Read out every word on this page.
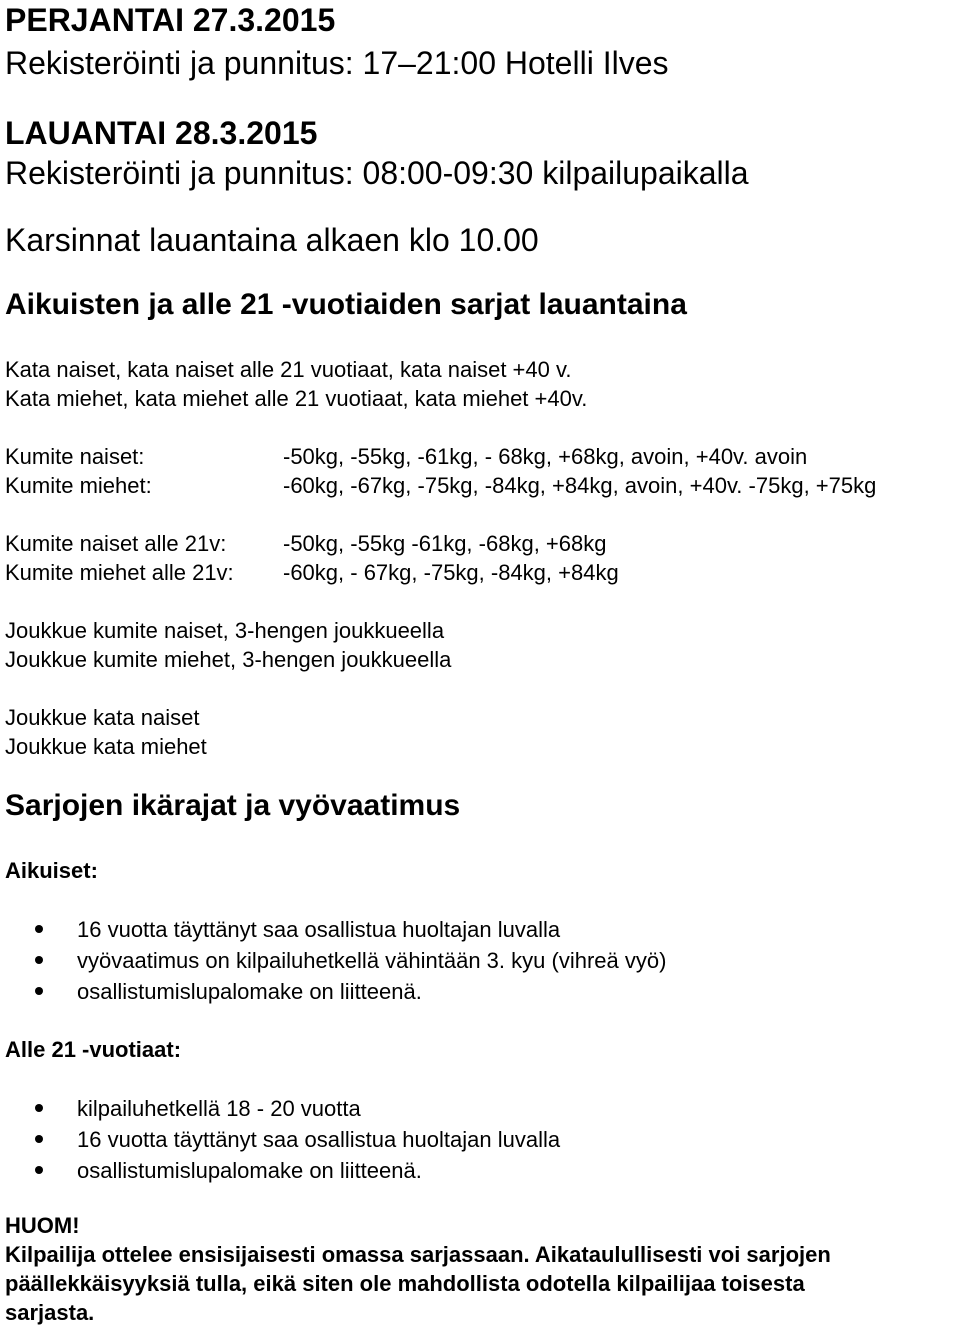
PERJANTAI 27.3.2015
Rekisteröinti ja punnitus: 17–21:00 Hotelli Ilves
LAUANTAI 28.3.2015
Rekisteröinti ja punnitus: 08:00-09:30 kilpailupaikalla
Karsinnat lauantaina alkaen klo 10.00
Aikuisten ja alle 21 -vuotiaiden sarjat lauantaina
Kata naiset, kata naiset alle 21 vuotiaat, kata naiset +40 v.
Kata miehet, kata miehet alle 21 vuotiaat, kata miehet +40v.
Kumite naiset:	-50kg, -55kg, -61kg, - 68kg, +68kg, avoin, +40v. avoin
Kumite miehet:	-60kg, -67kg, -75kg, -84kg, +84kg, avoin, +40v. -75kg, +75kg
Kumite naiset alle 21v:	-50kg, -55kg -61kg, -68kg, +68kg
Kumite miehet alle 21v: -60kg, - 67kg, -75kg, -84kg, +84kg
Joukkue kumite naiset, 3-hengen joukkueella
Joukkue kumite miehet, 3-hengen joukkueella
Joukkue kata naiset
Joukkue kata miehet
Sarjojen ikärajat ja vyövaatimus
Aikuiset:
16 vuotta täyttänyt saa osallistua huoltajan luvalla
vyövaatimus on kilpailuhetkellä vähintään 3. kyu (vihreä vyö)
osallistumislupalomake on liitteenä.
Alle 21 -vuotiaat:
kilpailuhetkellä 18 - 20 vuotta
16 vuotta täyttänyt saa osallistua huoltajan luvalla
osallistumislupalomake on liitteenä.
HUOM!
Kilpailija ottelee ensisijaisesti omassa sarjassaan. Aikataulullisesti voi sarjojen
päällekkäisyyksiä tulla, eikä siten ole mahdollista odotella kilpailijaa toisesta
sarjasta.
